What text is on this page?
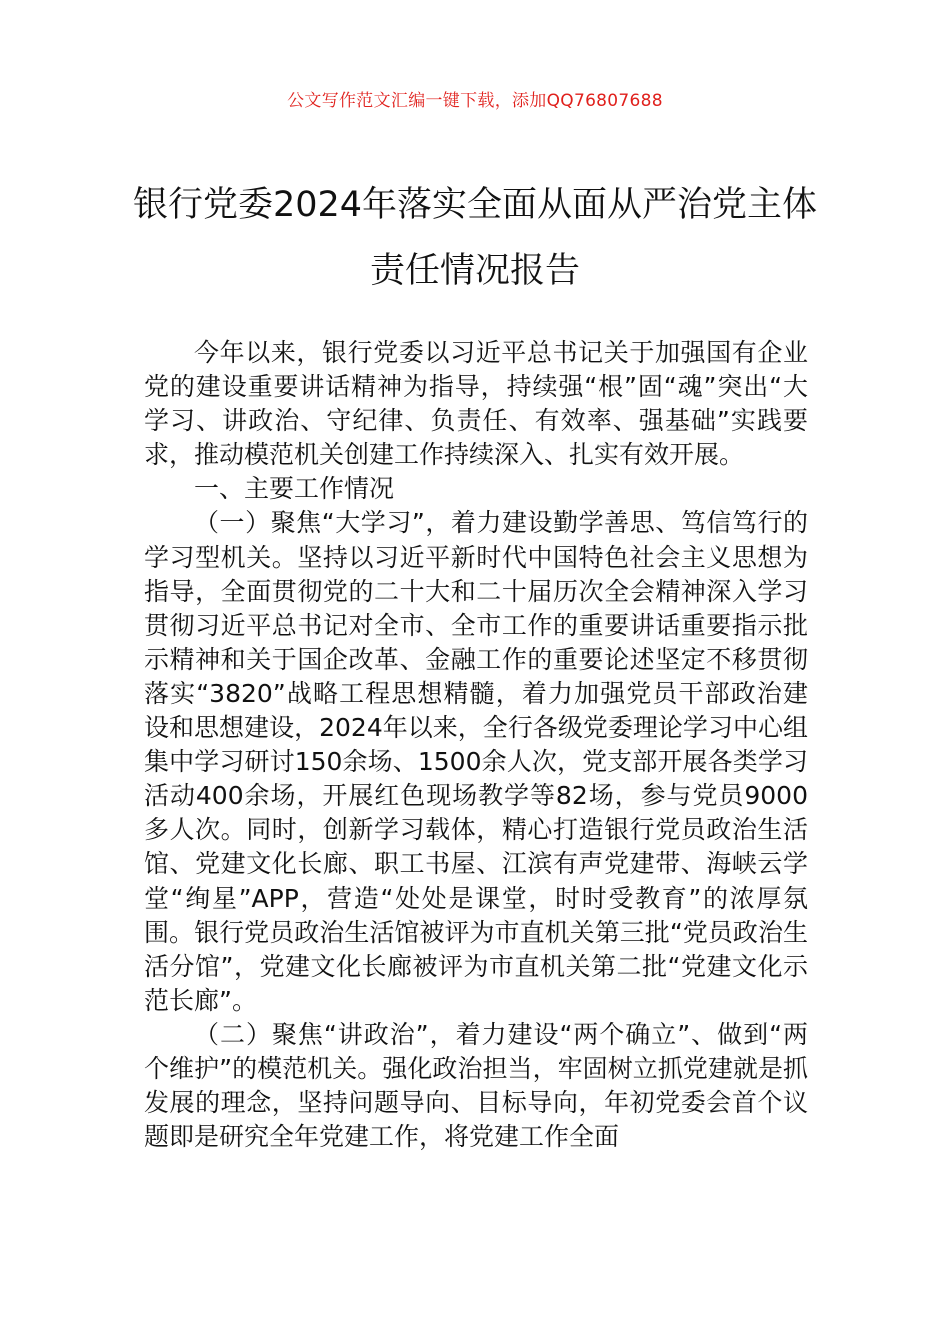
公文写作范文汇编一键下载，添加QQ76807688
银行党委2024年落实全面从面从严治党主体责任情况报告

今年以来，银行党委以习近平总书记关于加强国有企业党的建设重要讲话精神为指导，持续强“根”固“魂”突出“大学习、讲政治、守纪律、负责任、有效率、强基础”实践要求，推动模范机关创建工作持续深入、扎实有效开展。

一、主要工作情况

（一）聚焦“大学习”，着力建设勤学善思、笃信笃行的学习型机关。坚持以习近平新时代中国特色社会主义思想为指导，全面贯彻党的二十大和二十届历次全会精神深入学习贯彻习近平总书记对全市、全市工作的重要讲话重要指示批示精神和关于国企改革、金融工作的重要论述坚定不移贯彻落实“3820”战略工程思想精髓，着力加强党员干部政治建设和思想建设，2024年以来，全行各级党委理论学习中心组集中学习研讨150余场、1500余人次，党支部开展各类学习活动400余场，开展红色现场教学等82场，参与党员9000多人次。同时，创新学习载体，精心打造银行党员政治生活馆、党建文化长廊、职工书屋、江滨有声党建带、海峡云学堂“绚星”APP，营造“处处是课堂，时时受教育”的浓厚氛围。银行党员政治生活馆被评为市直机关第三批“党员政治生活分馆”，党建文化长廊被评为市直机关第二批“党建文化示范长廊”。

（二）聚焦“讲政治”，着力建设“两个确立”、做到“两个维护”的模范机关。强化政治担当，牢固树立抓党建就是抓发展的理念，坚持问题导向、目标导向，年初党委会首个议题即是研究全年党建工作，将党建工作全面
